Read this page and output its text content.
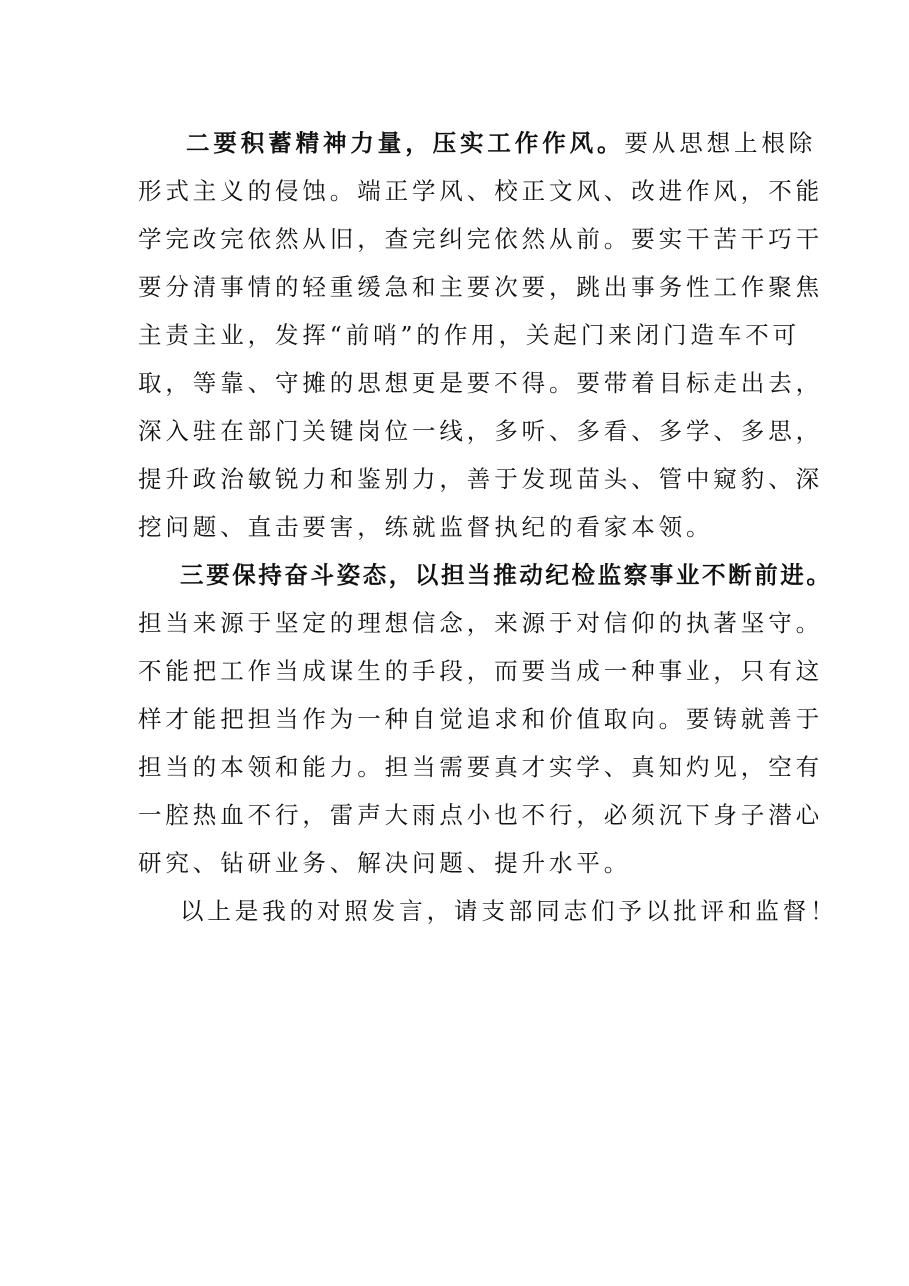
二要积蓄精神力量，压实工作作风。要从思想上根除
形式主义的侵蚀。端正学风、校正文风、改进作风，不能
学完改完依然从旧，查完纠完依然从前。要实干苦干巧干
要分清事情的轻重缓急和主要次要，跳出事务性工作聚焦
主责主业，发挥“前哨”的作用，关起门来闭门造车不可
取，等靠、守摊的思想更是要不得。要带着目标走出去，
深入驻在部门关键岗位一线，多听、多看、多学、多思，
提升政治敏锐力和鉴别力，善于发现苗头、管中窥豹、深
挖问题、直击要害，练就监督执纪的看家本领。
三要保持奋斗姿态，以担当推动纪检监察事业不断前进。
担当来源于坚定的理想信念，来源于对信仰的执著坚守。
不能把工作当成谋生的手段，而要当成一种事业，只有这
样才能把担当作为一种自觉追求和价值取向。要铸就善于
担当的本领和能力。担当需要真才实学、真知灼见，空有
一腔热血不行，雷声大雨点小也不行，必须沉下身子潜心
研究、钻研业务、解决问题、提升水平。
以上是我的对照发言，请支部同志们予以批评和监督！
